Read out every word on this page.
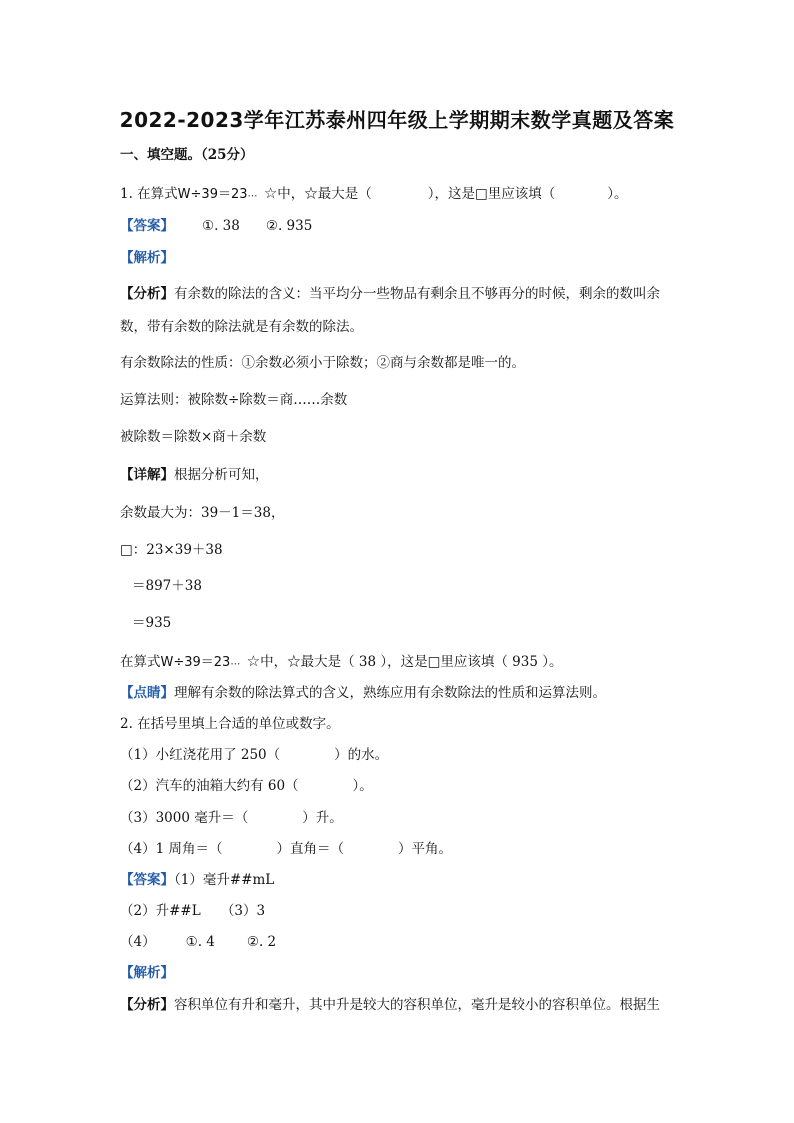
2022-2023学年江苏泰州四年级上学期期末数学真题及答案
一、填空题。（25分）
1. 在算式W÷39＝23… ☆中，☆最大是（	），这是□里应该填（	）。
【答案】 ①. 38 ②. 935
【解析】
【分析】有余数的除法的含义：当平均分一些物品有剩余且不够再分的时候，剩余的数叫余
数，带有余数的除法就是有余数的除法。
有余数除法的性质：①余数必须小于除数；②商与余数都是唯一的。
运算法则：被除数÷除数＝商……余数
被除数＝除数×商＋余数
【详解】根据分析可知，
余数最大为：39－1＝38，
□：23×39＋38
＝897＋38
＝935
在算式W÷39＝23… ☆中，☆最大是（ 38 ），这是□里应该填（ 935 ）。
【点睛】理解有余数的除法算式的含义，熟练应用有余数除法的性质和运算法则。
2. 在括号里填上合适的单位或数字。
（1）小红浇花用了 250（　　　　）的水。
（2）汽车的油箱大约有 60（　　　　）。
（3）3000 毫升＝（　　　　）升。
（4）1 周角＝（　　　　）直角＝（　　　　）平角。
【答案】（1）毫升##mL
（2）升##L　　（3）3
（4） ①. 4 ②. 2
【解析】
【分析】容积单位有升和毫升，其中升是较大的容积单位，毫升是较小的容积单位。根据生
